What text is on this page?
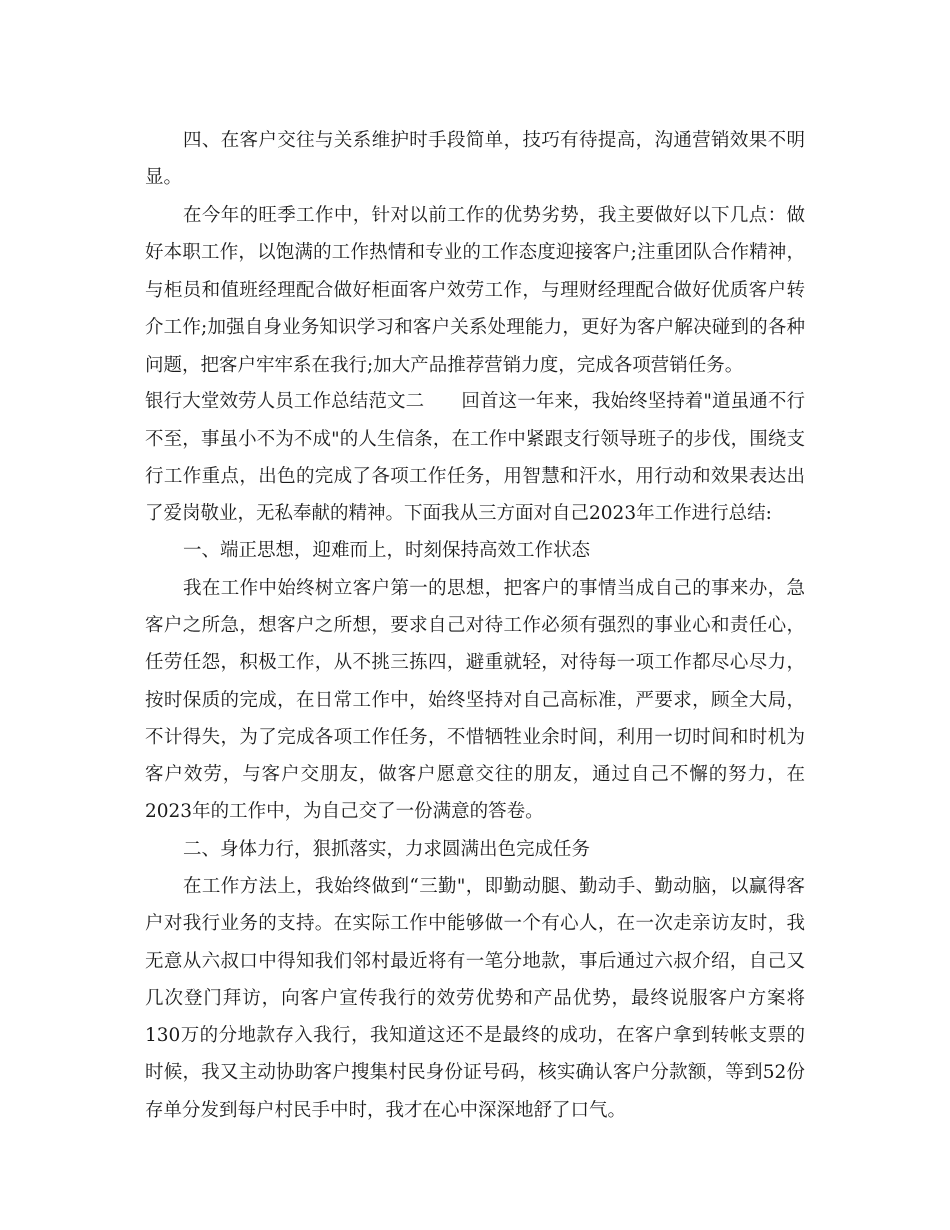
四、在客户交往与关系维护时手段简单，技巧有待提高，沟通营销效果不明
显。
在今年的旺季工作中，针对以前工作的优势劣势，我主要做好以下几点：做
好本职工作，以饱满的工作热情和专业的工作态度迎接客户;注重团队合作精神，
与柜员和值班经理配合做好柜面客户效劳工作，与理财经理配合做好优质客户转
介工作;加强自身业务知识学习和客户关系处理能力，更好为客户解决碰到的各种
问题，把客户牢牢系在我行;加大产品推荐营销力度，完成各项营销任务。
银行大堂效劳人员工作总结范文二　　回首这一年来，我始终坚持着"道虽通不行
不至，事虽小不为不成"的人生信条，在工作中紧跟支行领导班子的步伐，围绕支
行工作重点，出色的完成了各项工作任务，用智慧和汗水，用行动和效果表达出
了爱岗敬业，无私奉献的精神。下面我从三方面对自己2023年工作进行总结:
一、端正思想，迎难而上，时刻保持高效工作状态
我在工作中始终树立客户第一的思想，把客户的事情当成自己的事来办，急
客户之所急，想客户之所想，要求自己对待工作必须有强烈的事业心和责任心，
任劳任怨，积极工作，从不挑三拣四，避重就轻，对待每一项工作都尽心尽力，
按时保质的完成，在日常工作中，始终坚持对自己高标准，严要求，顾全大局，
不计得失，为了完成各项工作任务，不惜牺牲业余时间，利用一切时间和时机为
客户效劳，与客户交朋友，做客户愿意交往的朋友，通过自己不懈的努力，在
2023年的工作中，为自己交了一份满意的答卷。
二、身体力行，狠抓落实，力求圆满出色完成任务
在工作方法上，我始终做到“三勤"，即勤动腿、勤动手、勤动脑，以赢得客
户对我行业务的支持。在实际工作中能够做一个有心人，在一次走亲访友时，我
无意从六叔口中得知我们邻村最近将有一笔分地款，事后通过六叔介绍，自己又
几次登门拜访，向客户宣传我行的效劳优势和产品优势，最终说服客户方案将
130万的分地款存入我行，我知道这还不是最终的成功，在客户拿到转帐支票的
时候，我又主动协助客户搜集村民身份证号码，核实确认客户分款额，等到52份
存单分发到每户村民手中时，我才在心中深深地舒了口气。
